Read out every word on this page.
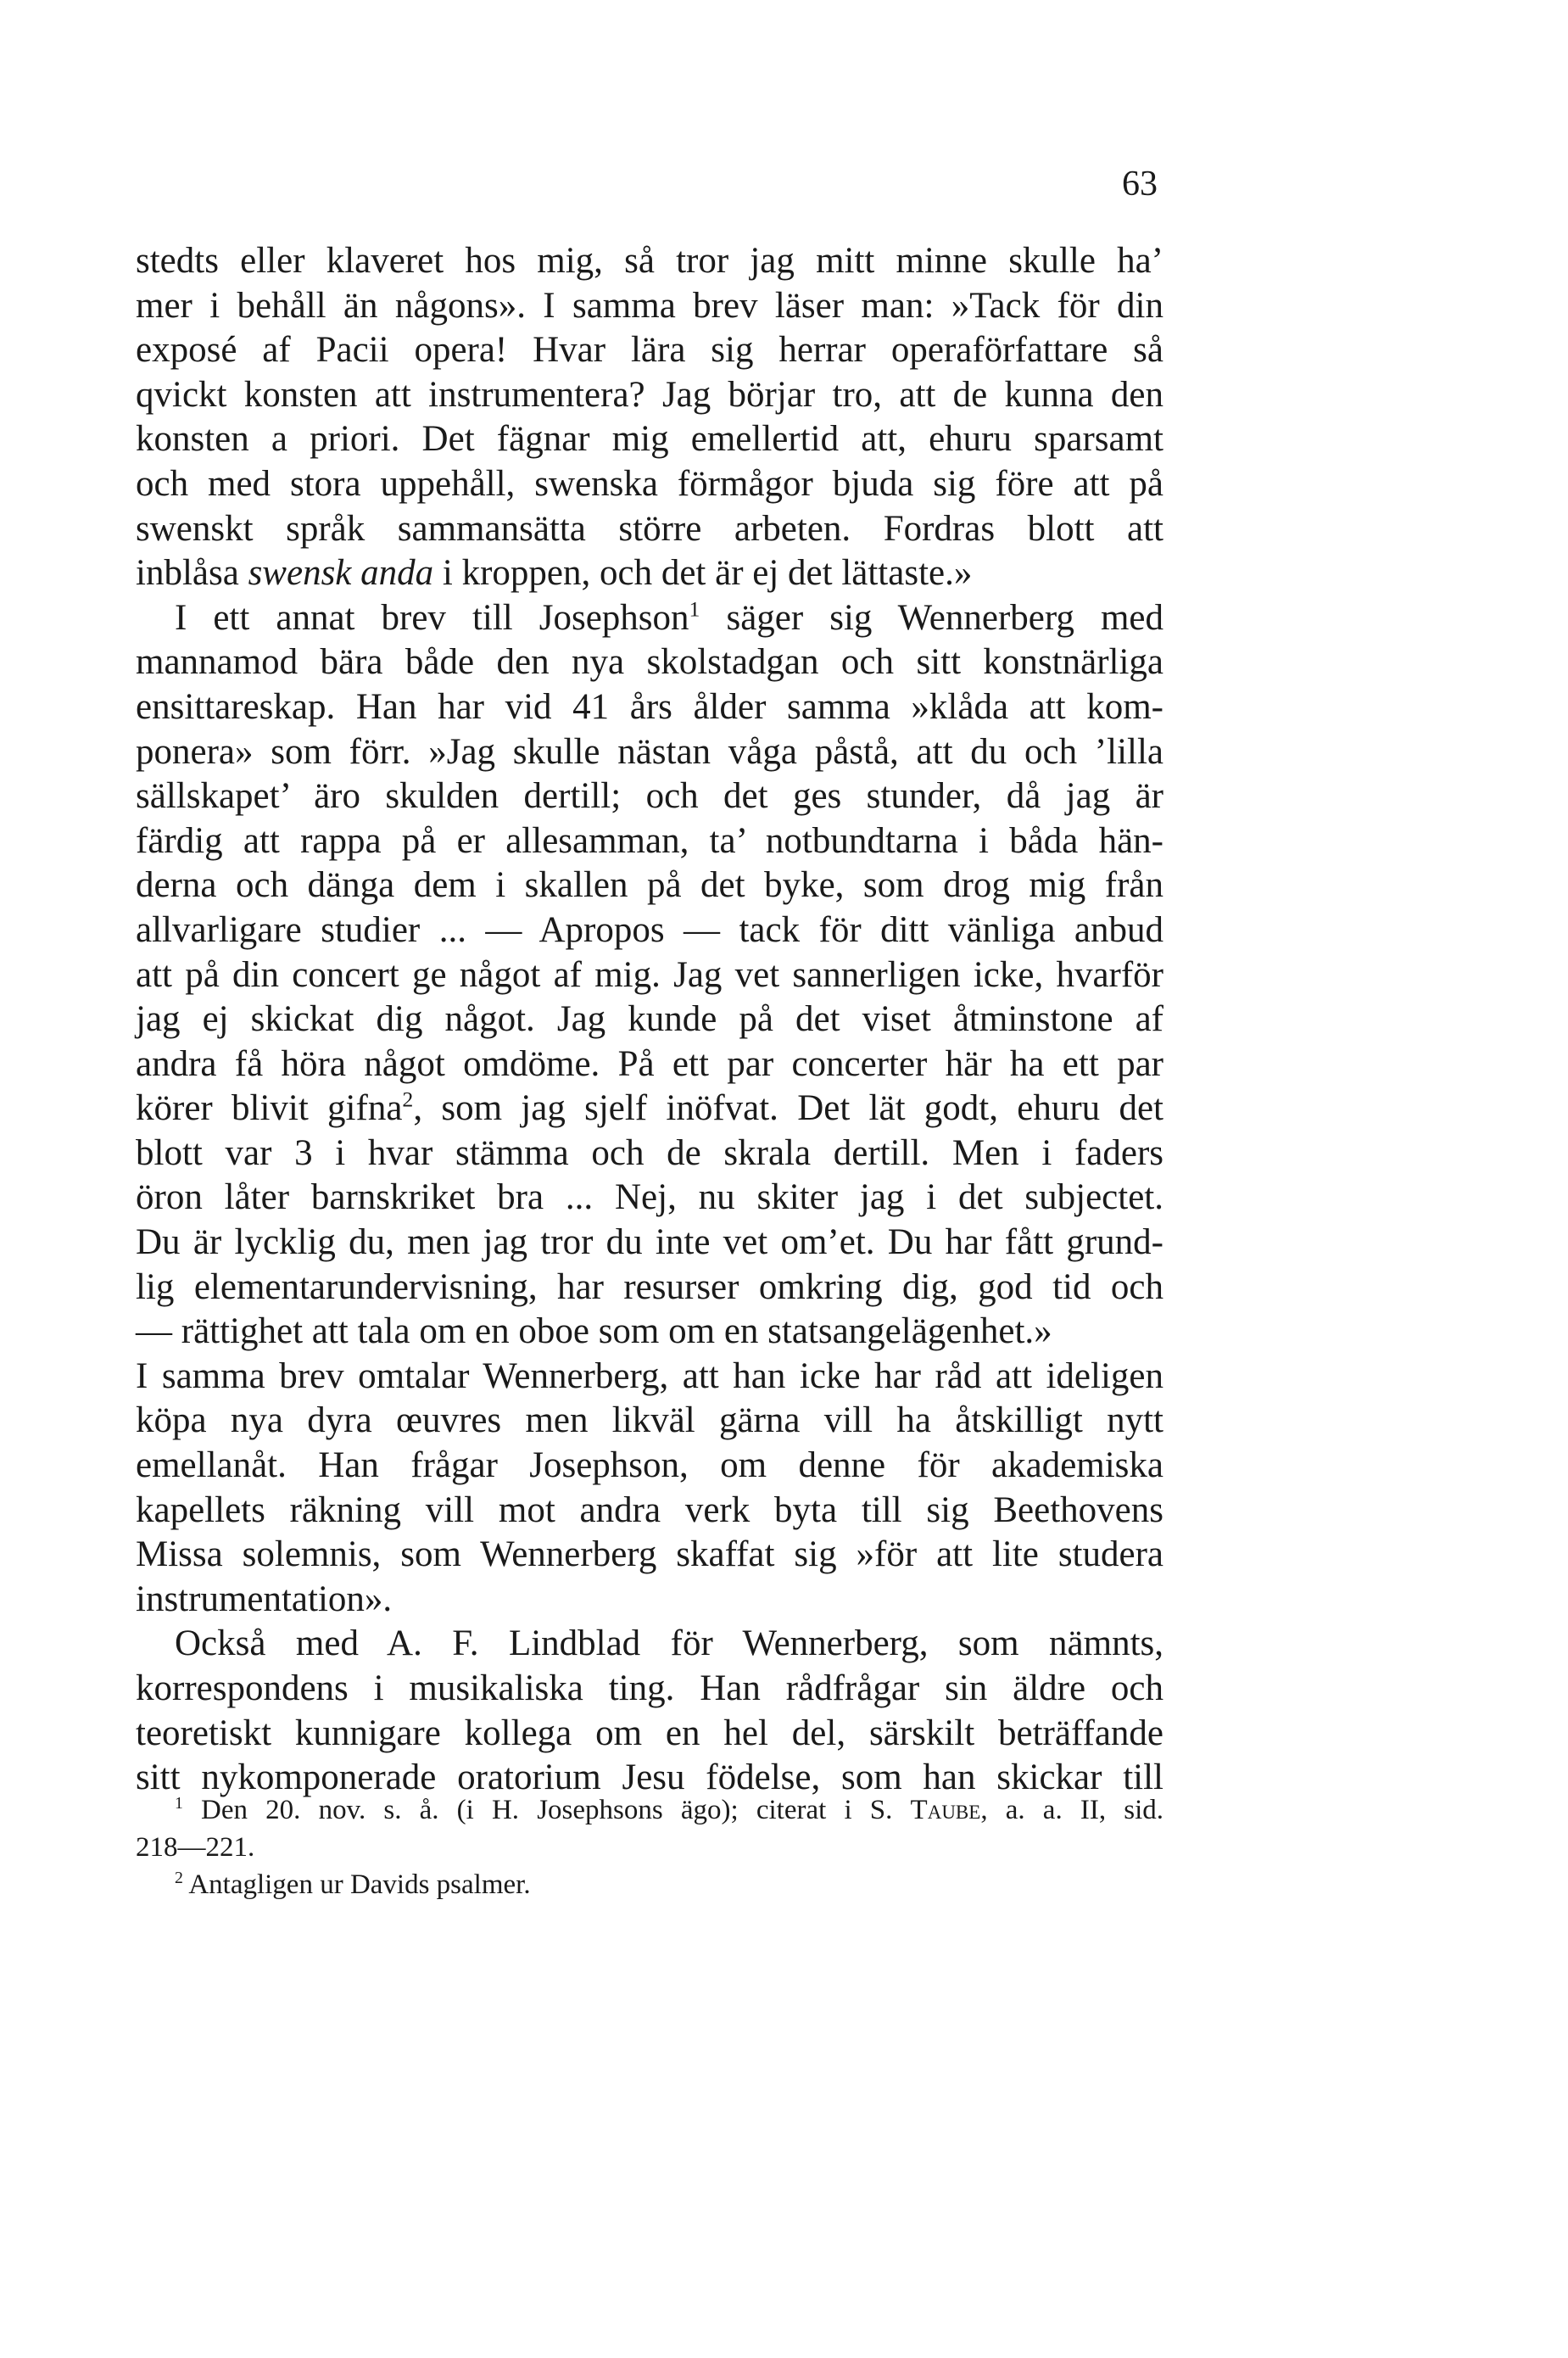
63
stedts eller klaveret hos mig, så tror jag mitt minne skulle ha’
mer i behåll än någons». I samma brev läser man: »Tack för din
exposé af Pacii opera! Hvar lära sig herrar operaförfattare så
qvickt konsten att instrumentera? Jag börjar tro, att de kunna den
konsten a priori. Det fägnar mig emellertid att, ehuru sparsamt
och med stora uppehåll, swenska förmågor bjuda sig före att på
swenskt språk sammansätta större arbeten. Fordras blott att
inblåsa swensk anda i kroppen, och det är ej det lättaste.»
I ett annat brev till Josephson$^1$ säger sig Wennerberg med
mannamod bära både den nya skolstadgan och sitt konstnärliga
ensittareskap. Han har vid 41 års ålder samma »klåda att kom-
ponera» som förr. »Jag skulle nästan våga påstå, att du och ’lilla
sällskapet’ äro skulden dertill; och det ges stunder, då jag är
färdig att rappa på er allesamman, ta’ notbundtarna i båda hän-
derna och dänga dem i skallen på det byke, som drog mig från
allvarligare studier ... — Apropos — tack för ditt vänliga anbud
att på din concert ge något af mig. Jag vet sannerligen icke, hvarför
jag ej skickat dig något. Jag kunde på det viset åtminstone af
andra få höra något omdöme. På ett par concerter här ha ett par
körer blivit gifna$^2$, som jag sjelf inöfvat. Det lät godt, ehuru det
blott var 3 i hvar stämma och de skrala dertill. Men i faders
öron låter barnskriket bra ... Nej, nu skiter jag i det subjectet.
Du är lycklig du, men jag tror du inte vet om’et. Du har fått grund-
lig elementarundervisning, har resurser omkring dig, god tid och
— rättighet att tala om en oboe som om en statsangelägenhet.»
I samma brev omtalar Wennerberg, att han icke har råd att ideligen
köpa nya dyra œuvres men likväl gärna vill ha åtskilligt nytt
emellanåt. Han frågar Josephson, om denne för akademiska
kapellets räkning vill mot andra verk byta till sig Beethovens
Missa solemnis, som Wennerberg skaffat sig »för att lite studera
instrumentation».
Också med A. F. Lindblad för Wennerberg, som nämnts,
korrespondens i musikaliska ting. Han rådfrågar sin äldre och
teoretiskt kunnigare kollega om en hel del, särskilt beträffande
sitt nykomponerade oratorium Jesu födelse, som han skickar till
$^1$ Den 20. nov. s. å. (i H. Josephsons ägo); citerat i S. Taube, a. a. II, sid.
218—221.
$^2$ Antagligen ur Davids psalmer.
